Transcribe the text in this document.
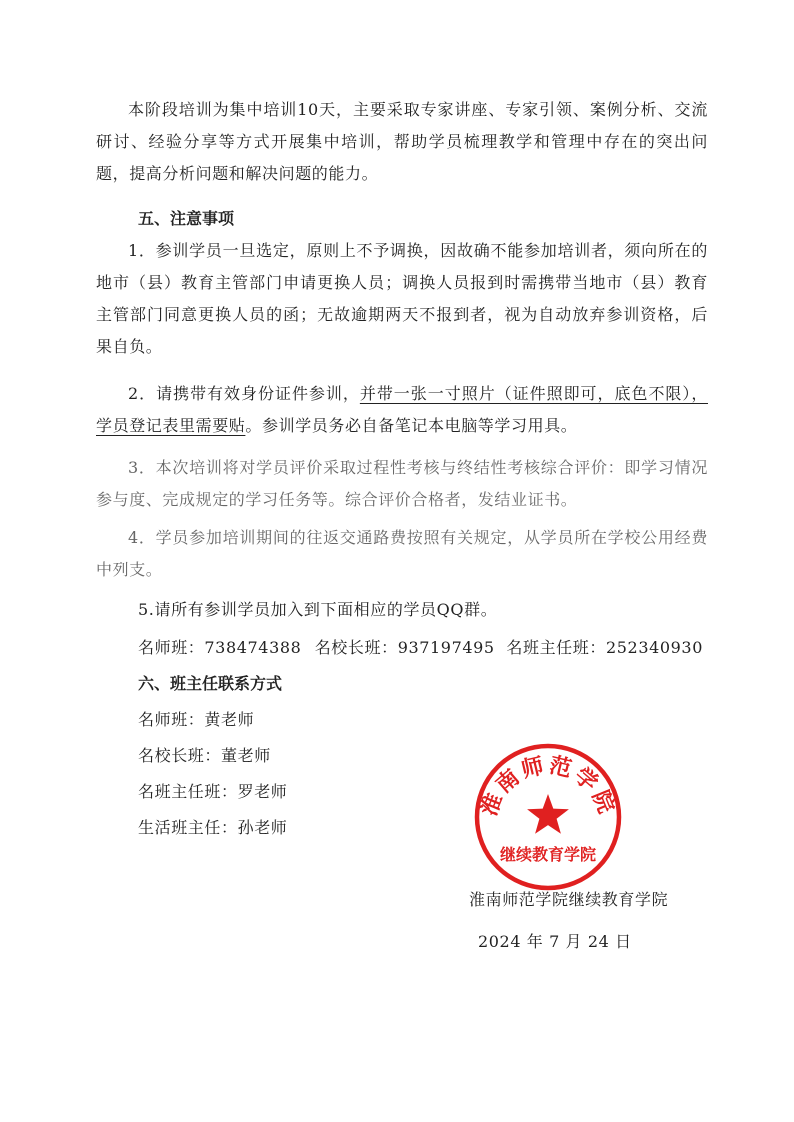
本阶段培训为集中培训10天，主要采取专家讲座、专家引领、案例分析、交流研讨、经验分享等方式开展集中培训，帮助学员梳理教学和管理中存在的突出问题，提高分析问题和解决问题的能力。

五、注意事项

1．参训学员一旦选定，原则上不予调换，因故确不能参加培训者，须向所在的地市（县）教育主管部门申请更换人员；调换人员报到时需携带当地市（县）教育主管部门同意更换人员的函；无故逾期两天不报到者，视为自动放弃参训资格，后果自负。

2．请携带有效身份证件参训，并带一张一寸照片（证件照即可，底色不限），学员登记表里需要贴。参训学员务必自备笔记本电脑等学习用具。

3．本次培训将对学员评价采取过程性考核与终结性考核综合评价：即学习情况参与度、完成规定的学习任务等。综合评价合格者，发结业证书。

4．学员参加培训期间的往返交通路费按照有关规定，从学员所在学校公用经费中列支。

5.请所有参训学员加入到下面相应的学员QQ群。

名师班：738474388 名校长班：937197495 名班主任班：252340930
六、班主任联系方式
名师班：黄老师
名校长班：董老师
名班主任班：罗老师
生活班主任：孙老师
淮南师范学院
继续教育学院
淮南师范学院继续教育学院
2024 年 7 月 24 日
